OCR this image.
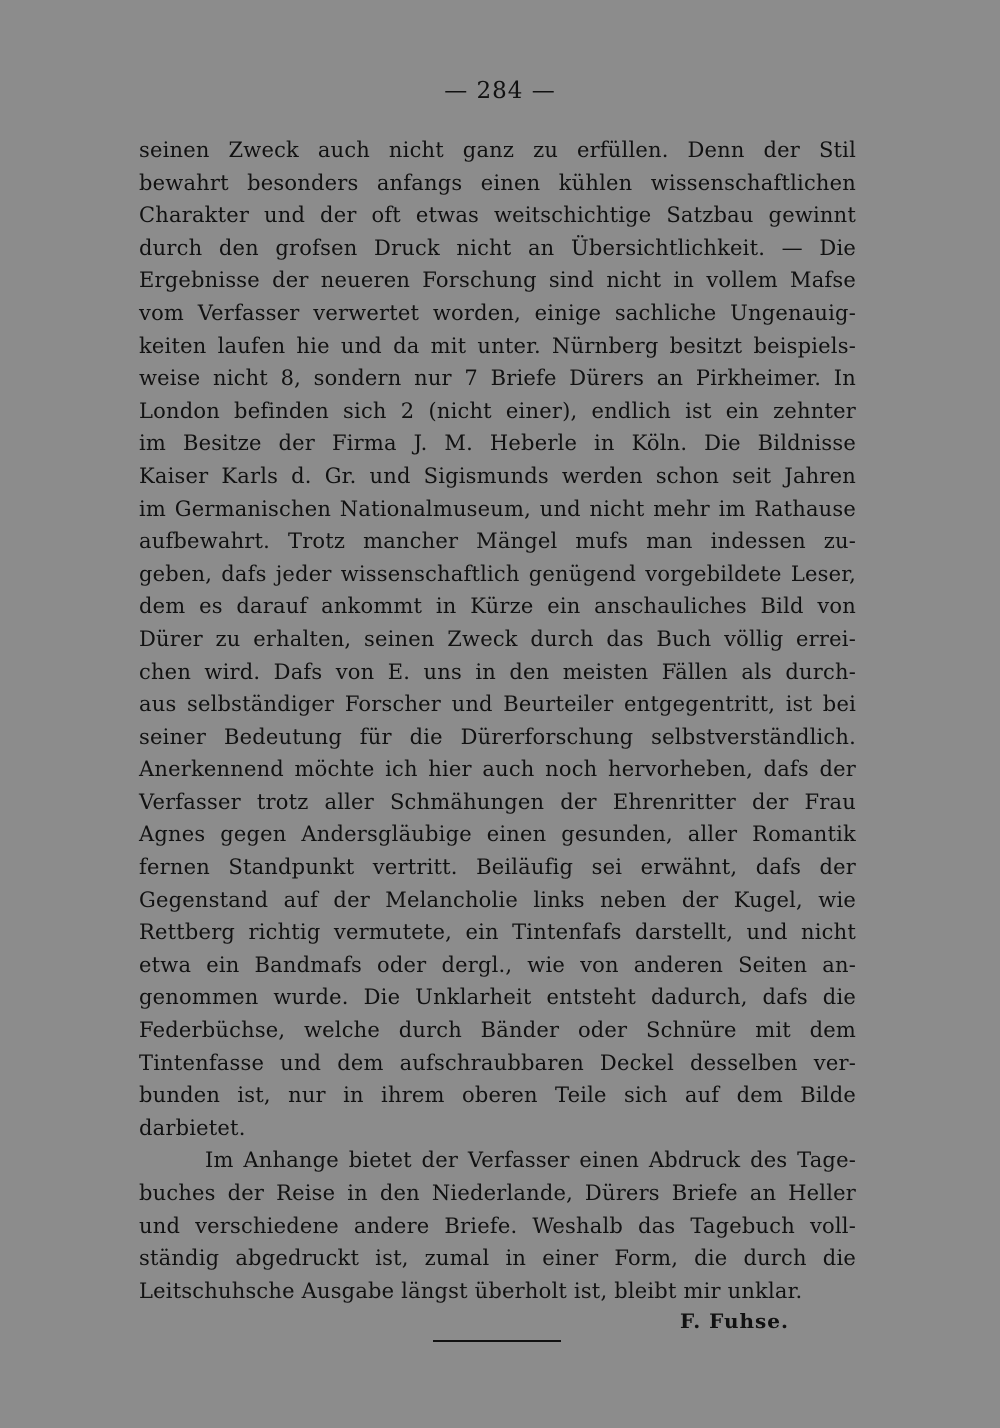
— 284 —
seinen Zweck auch nicht ganz zu erfüllen. Denn der Stil
bewahrt besonders anfangs einen kühlen wissenschaftlichen
Charakter und der oft etwas weitschichtige Satzbau gewinnt
durch den grofsen Druck nicht an Übersichtlichkeit. — Die
Ergebnisse der neueren Forschung sind nicht in vollem Mafse
vom Verfasser verwertet worden, einige sachliche Ungenauig-
keiten laufen hie und da mit unter. Nürnberg besitzt beispiels-
weise nicht 8, sondern nur 7 Briefe Dürers an Pirkheimer. In
London befinden sich 2 (nicht einer), endlich ist ein zehnter
im Besitze der Firma J. M. Heberle in Köln. Die Bildnisse
Kaiser Karls d. Gr. und Sigismunds werden schon seit Jahren
im Germanischen Nationalmuseum, und nicht mehr im Rathause
aufbewahrt. Trotz mancher Mängel mufs man indessen zu-
geben, dafs jeder wissenschaftlich genügend vorgebildete Leser,
dem es darauf ankommt in Kürze ein anschauliches Bild von
Dürer zu erhalten, seinen Zweck durch das Buch völlig errei-
chen wird. Dafs von E. uns in den meisten Fällen als durch-
aus selbständiger Forscher und Beurteiler entgegentritt, ist bei
seiner Bedeutung für die Dürerforschung selbstverständlich.
Anerkennend möchte ich hier auch noch hervorheben, dafs der
Verfasser trotz aller Schmähungen der Ehrenritter der Frau
Agnes gegen Andersgläubige einen gesunden, aller Romantik
fernen Standpunkt vertritt. Beiläufig sei erwähnt, dafs der
Gegenstand auf der Melancholie links neben der Kugel, wie
Rettberg richtig vermutete, ein Tintenfafs darstellt, und nicht
etwa ein Bandmafs oder dergl., wie von anderen Seiten an-
genommen wurde. Die Unklarheit entsteht dadurch, dafs die
Federbüchse, welche durch Bänder oder Schnüre mit dem
Tintenfasse und dem aufschraubbaren Deckel desselben ver-
bunden ist, nur in ihrem oberen Teile sich auf dem Bilde
darbietet.
Im Anhange bietet der Verfasser einen Abdruck des Tage-
buches der Reise in den Niederlande, Dürers Briefe an Heller
und verschiedene andere Briefe. Weshalb das Tagebuch voll-
ständig abgedruckt ist, zumal in einer Form, die durch die
Leitschuhsche Ausgabe längst überholt ist, bleibt mir unklar.
F. Fuhse.
